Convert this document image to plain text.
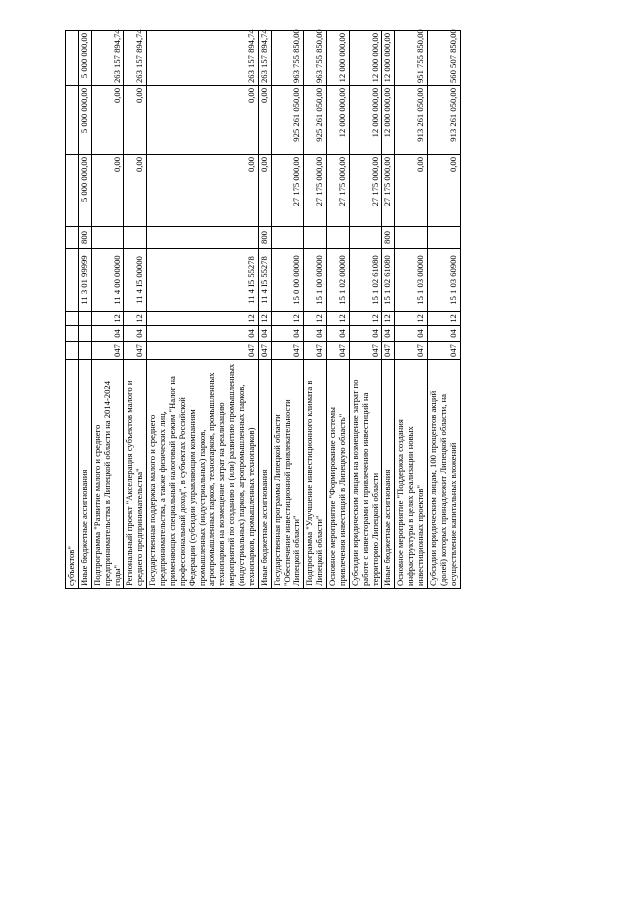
субъектов"								
Иные бюджетные ассигнования				11 3 01 99999	800	5 000 000,00	5 000 000,00	5 000 000,00
Подпрограмма "Развитие малого и среднего предпринимательства в Липецкой области на 2014-2024 годы"	047	04	12	11 4 00 00000		0,00	0,00	263 157 894,74
Региональный проект "Акселерация субъектов малого и среднего предпринимательства"	047	04	12	11 4 I5 00000		0,00	0,00	263 157 894,74
Государственная поддержка малого и среднего предпринимательства, а также физических лиц, применяющих специальный налоговый режим "Налог на профессиональный доход", в субъектах Российской Федерации (субсидии управляющим компаниям промышленных (индустриальных) парков, агропромышленных парков, технопарков, промышленных технопарков на возмещение затрат на реализацию мероприятий по созданию и (или) развитию промышленных (индустриальных) парков, агропромышленных парков, технопарков, промышленных технопарков)	047	04	12	11 4 I5 55278		0,00	0,00	263 157 894,74
Иные бюджетные ассигнования	047	04	12	11 4 I5 55278	800	0,00	0,00	263 157 894,74
Государственная программа Липецкой области "Обеспечение инвестиционной привлекательности Липецкой области"	047	04	12	15 0 00 00000		27 175 000,00	925 261 050,00	963 755 850,00
Подпрограмма "Улучшение инвестиционного климата в Липецкой области"	047	04	12	15 1 00 00000		27 175 000,00	925 261 050,00	963 755 850,00
Основное мероприятие "Формирование системы привлечения инвестиций в Липецкую область"	047	04	12	15 1 02 00000		27 175 000,00	12 000 000,00	12 000 000,00
Субсидии юридическим лицам на возмещение затрат по работе с инвесторами и привлечению инвестиций на территорию Липецкой области	047	04	12	15 1 02 61080		27 175 000,00	12 000 000,00	12 000 000,00
Иные бюджетные ассигнования	047	04	12	15 1 02 61080	800	27 175 000,00	12 000 000,00	12 000 000,00
Основное мероприятие "Поддержка создания инфраструктуры в целях реализации новых инвестиционных проектов"	047	04	12	15 1 03 00000		0,00	913 261 050,00	951 755 850,00
Субсидии юридическим лицам, 100 процентов акций (долей) которых принадлежит Липецкой области, на осуществление капитальных вложений	047	04	12	15 1 03 60900		0,00	913 261 050,00	560 507 850,00
